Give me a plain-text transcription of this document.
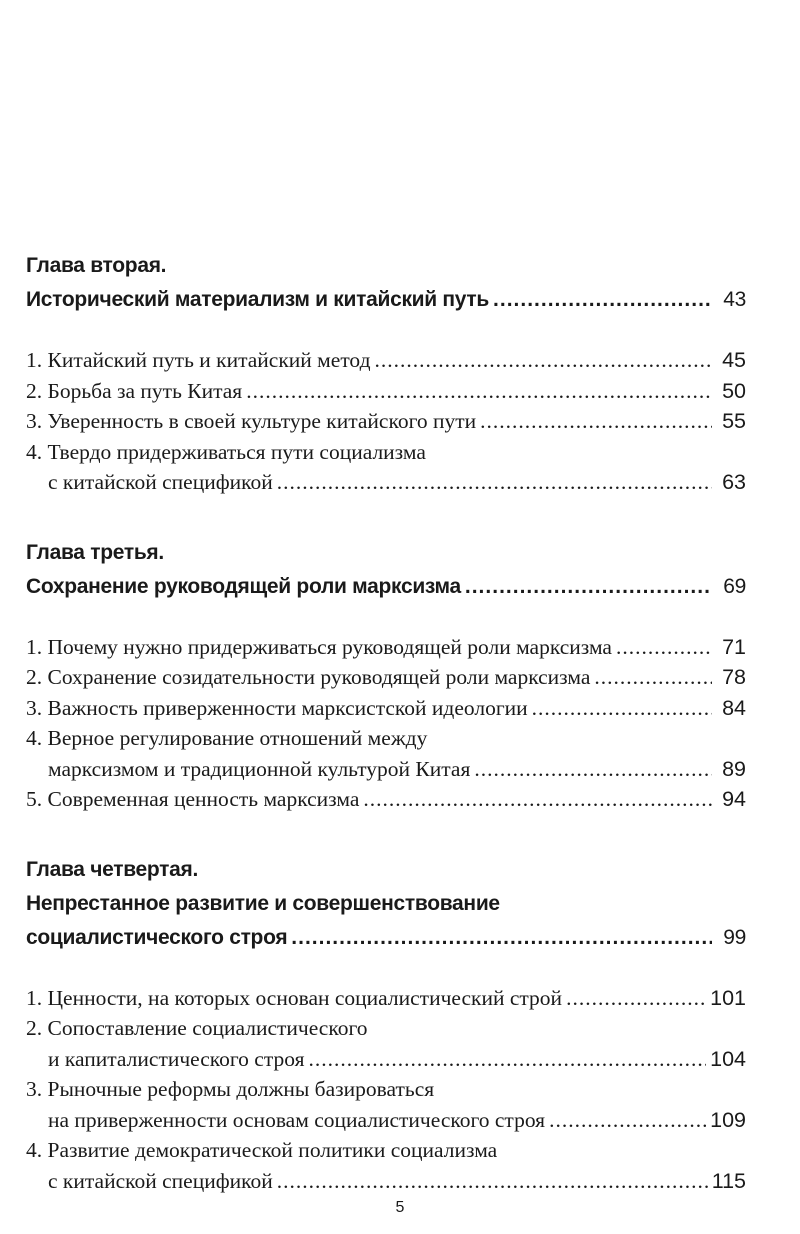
Глава вторая.
Исторический материализм и китайский путь .....	43
1. Китайский путь и китайский метод .....	45
2. Борьба за путь Китая .....	50
3. Уверенность в своей культуре китайского пути .....	55
4. Твердо придерживаться пути социализма
с китайской спецификой .....	63
Глава третья.
Сохранение руководящей роли марксизма .....	69
1. Почему нужно придерживаться руководящей роли марксизма .....	71
2. Сохранение созидательности руководящей роли марксизма .....	78
3. Важность приверженности марксистской идеологии .....	84
4. Верное регулирование отношений между
марксизмом и традиционной культурой Китая .....	89
5. Современная ценность марксизма .....	94
Глава четвертая.
Непрестанное развитие и совершенствование
социалистического строя .....	99
1. Ценности, на которых основан социалистический строй .....	101
2. Сопоставление социалистического
и капиталистического строя .....	104
3. Рыночные реформы должны базироваться
на приверженности основам социалистического строя .....	109
4. Развитие демократической политики социализма
с китайской спецификой .....	115
5
